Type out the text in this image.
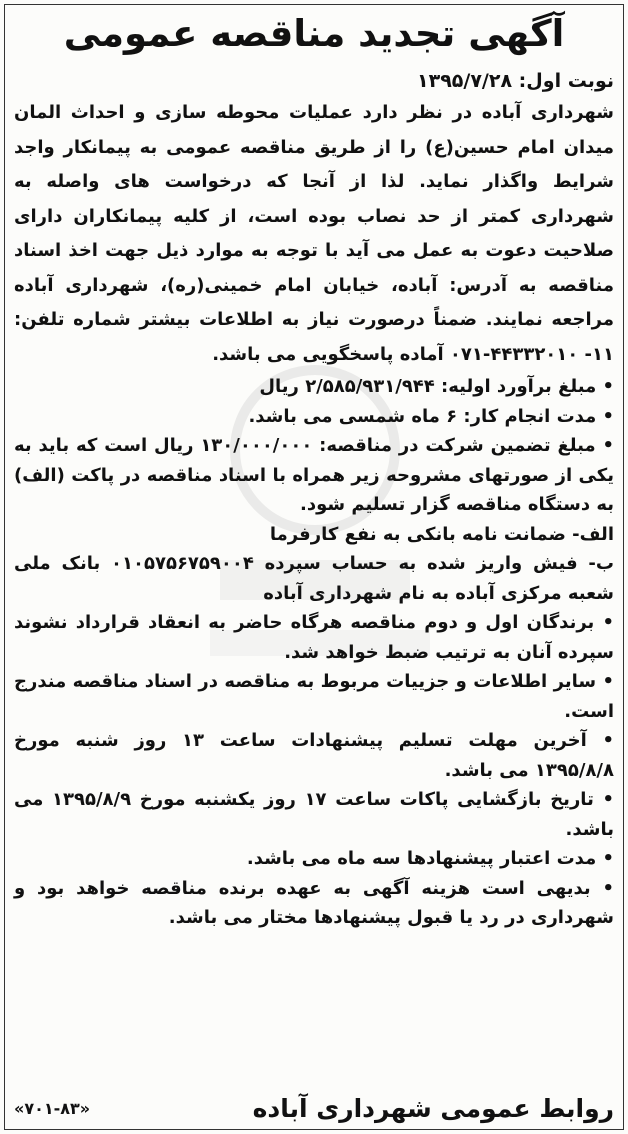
آگهی تجدید مناقصه عمومی

نوبت اول: ۱۳۹۵/۷/۲۸

شهرداری آباده در نظر دارد عملیات محوطه سازی و احداث المان میدان امام حسین(ع) را از طریق مناقصه عمومی به پیمانکار واجد شرایط واگذار نماید. لذا از آنجا که درخواست های واصله به شهرداری کمتر از حد نصاب بوده است، از کلیه پیمانکاران دارای صلاحیت دعوت به عمل می آید با توجه به موارد ذیل جهت اخذ اسناد مناقصه به آدرس: آباده، خیابان امام خمینی(ره)، شهرداری آباده مراجعه نمایند. ضمناً درصورت نیاز به اطلاعات بیشتر شماره تلفن: ۱۱- ۴۴۳۳۲۰۱۰-۰۷۱ آماده پاسخگویی می باشد.

• مبلغ برآورد اولیه: ۲/۵۸۵/۹۳۱/۹۴۴ ریال

• مدت انجام کار: ۶ ماه شمسی می باشد.

• مبلغ تضمین شرکت در مناقصه: ۱۳۰/۰۰۰/۰۰۰ ریال است که باید به یکی از صورتهای مشروحه زیر همراه با اسناد مناقصه در پاکت (الف) به دستگاه مناقصه گزار تسلیم شود.

الف- ضمانت نامه بانکی به نفع کارفرما

ب- فیش واریز شده به حساب سپرده ۰۱۰۵۷۵۶۷۵۹۰۰۴ بانک ملی شعبه مرکزی آباده به نام شهرداری آباده

• برندگان اول و دوم مناقصه هرگاه حاضر به انعقاد قرارداد نشوند سپرده آنان به ترتیب ضبط خواهد شد.

• سایر اطلاعات و جزییات مربوط به مناقصه در اسناد مناقصه مندرج است.

• آخرین مهلت تسلیم پیشنهادات ساعت ۱۳ روز شنبه مورخ ۱۳۹۵/۸/۸ می باشد.

• تاریخ بازگشایی پاکات ساعت ۱۷ روز یکشنبه مورخ ۱۳۹۵/۸/۹ می باشد.

• مدت اعتبار پیشنهادها سه ماه می باشد.

• بدیهی است هزینه آگهی به عهده برنده مناقصه خواهد بود و شهرداری در رد یا قبول پیشنهادها مختار می باشد.

روابط عمومی شهرداری آباده
«۷۰۱-۸۳»
